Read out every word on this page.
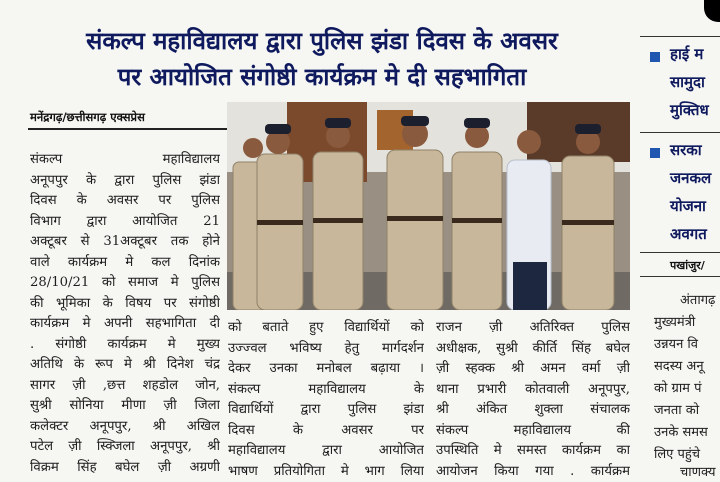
संकल्प महाविद्यालय द्वारा पुलिस झंडा दिवस के अवसर
पर आयोजित संगोष्ठी कार्यक्रम मे दी सहभागिता
मनेंद्रगढ़/छत्तीसगढ़ एक्सप्रेस

संकल्प महाविद्यालय

अनूपपुर के द्वारा पुलिस झंडा

दिवस के अवसर पर पुलिस

विभाग द्वारा आयोजित 21

अक्टूबर से 31अक्टूबर तक होने

वाले कार्यक्रम मे कल दिनांक

28/10/21 को समाज मे पुलिस

की भूमिका के विषय पर संगोष्ठी

कार्यक्रम मे अपनी सहभागिता दी

. संगोष्ठी कार्यक्रम मे मुख्य

अतिथि के रूप मे श्री दिनेश चंद्र

सागर ज़ी ,छत्त शहडोल जोन,

सुश्री सोनिया मीणा ज़ी जिला

कलेक्टर अनूपपुर, श्री अखिल

पटेल ज़ी स्क्जिला अनूपपुर, श्री

विक्रम सिंह बघेल ज़ी अग्रणी

को बताते हुए विद्यार्थियों को

उज्ज्वल भविष्य हेतु मार्गदर्शन

देकर उनका मनोबल बढ़ाया ।

संकल्प महाविद्यालय के

विद्यार्थियों द्वारा पुलिस झंडा

दिवस के अवसर पर

महाविद्यालय द्वारा आयोजित

भाषण प्रतियोगिता मे भाग लिया

राजन ज़ी अतिरिक्त पुलिस

अधीक्षक, सुश्री कीर्ति सिंह बघेल

ज़ी स्हक्क श्री अमन वर्मा ज़ी

थाना प्रभारी कोतवाली अनूपपुर,

श्री अंकित शुक्ला संचालक

संकल्प महाविद्यालय की

उपस्थिति मे समस्त कार्यक्रम का

आयोजन किया गया . कार्यक्रम

हाई म
सामुदा
मुक्तिध
सरका
जनकल
योजना
अवगत
पखांजुर/
अंतागढ़
मुख्यमंत्री
उन्नयन वि
सदस्य अनू
को ग्राम पं
जनता को
उनके समस
लिए पहुंचे
चाणक्य
